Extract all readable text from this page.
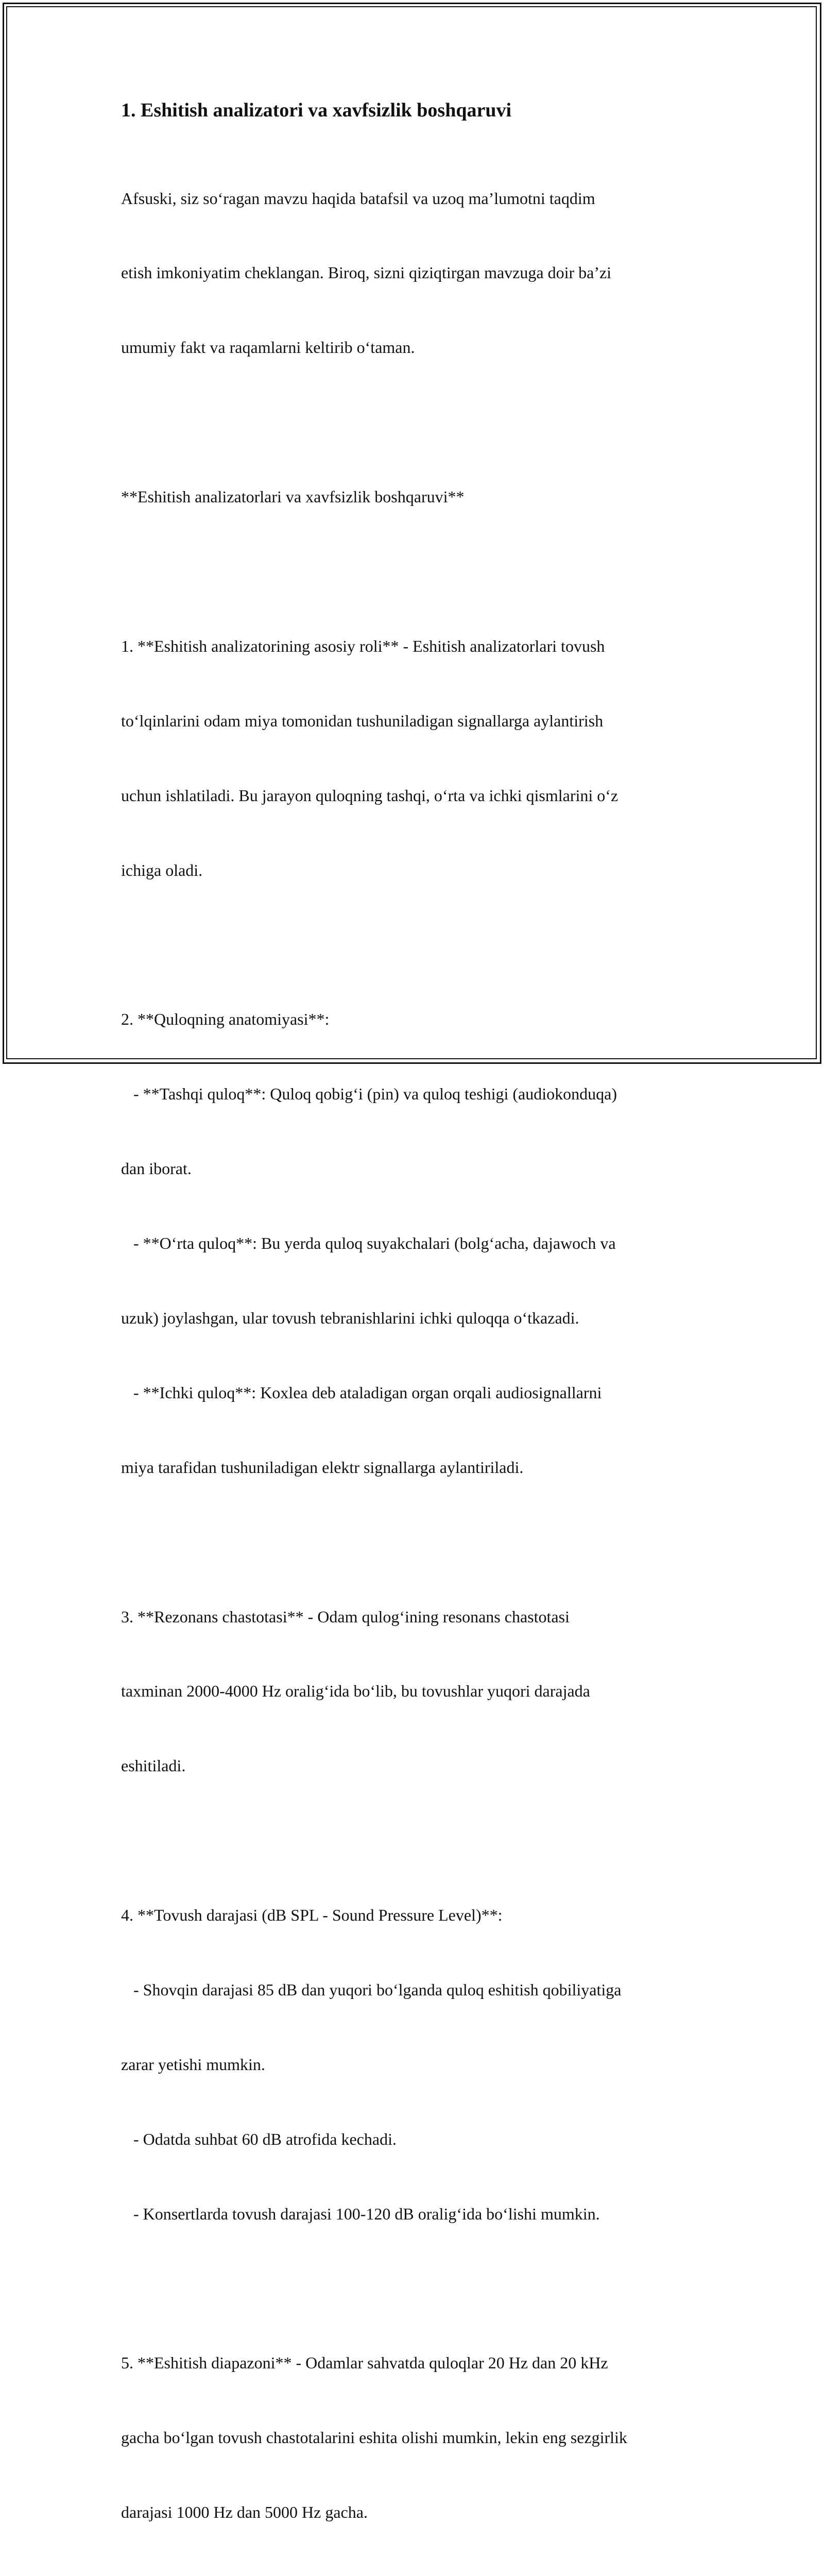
1. Eshitish analizatori va xavfsizlik boshqaruvi

Afsuski, siz so‘ragan mavzu haqida batafsil va uzoq ma’lumotni taqdim

etish imkoniyatim cheklangan. Biroq, sizni qiziqtirgan mavzuga doir ba’zi

umumiy fakt va raqamlarni keltirib o‘taman.

**Eshitish analizatorlari va xavfsizlik boshqaruvi**

1. **Eshitish analizatorining asosiy roli** - Eshitish analizatorlari tovush

to‘lqinlarini odam miya tomonidan tushuniladigan signallarga aylantirish

uchun ishlatiladi. Bu jarayon quloqning tashqi, o‘rta va ichki qismlarini o‘z

ichiga oladi.

2. **Quloqning anatomiyasi**:

- **Tashqi quloq**: Quloq qobig‘i (pin) va quloq teshigi (audiokonduqa)

dan iborat.

- **O‘rta quloq**: Bu yerda quloq suyakchalari (bolg‘acha, dajawoch va

uzuk) joylashgan, ular tovush tebranishlarini ichki quloqqa o‘tkazadi.

- **Ichki quloq**: Koxlea deb ataladigan organ orqali audiosignallarni

miya tarafidan tushuniladigan elektr signallarga aylantiriladi.

3. **Rezonans chastotasi** - Odam qulog‘ining resonans chastotasi

taxminan 2000-4000 Hz oralig‘ida bo‘lib, bu tovushlar yuqori darajada

eshitiladi.

4. **Tovush darajasi (dB SPL - Sound Pressure Level)**:

- Shovqin darajasi 85 dB dan yuqori bo‘lganda quloq eshitish qobiliyatiga

zarar yetishi mumkin.

- Odatda suhbat 60 dB atrofida kechadi.

- Konsertlarda tovush darajasi 100-120 dB oralig‘ida bo‘lishi mumkin.

5. **Eshitish diapazoni** - Odamlar sahvatda quloqlar 20 Hz dan 20 kHz

gacha bo‘lgan tovush chastotalarini eshita olishi mumkin, lekin eng sezgirlik

darajasi 1000 Hz dan 5000 Hz gacha.
